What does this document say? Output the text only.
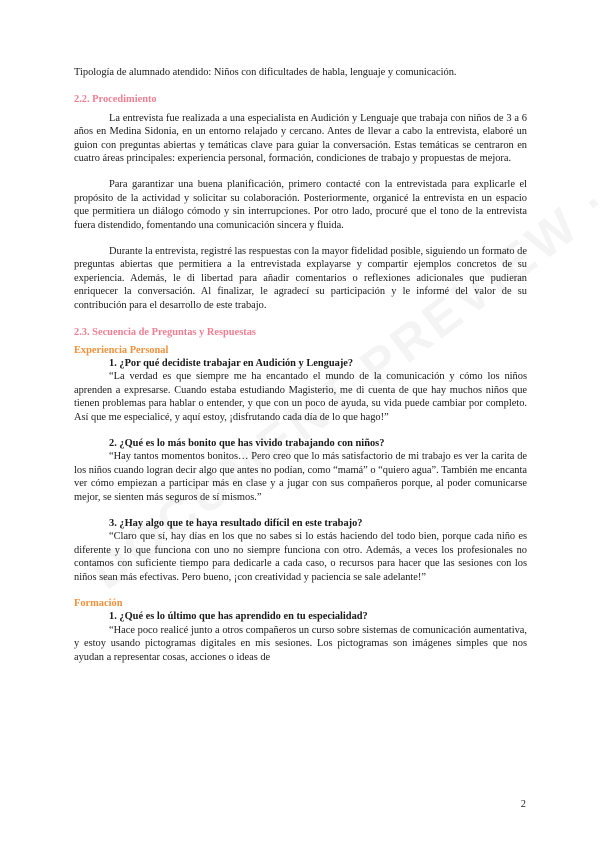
Tipología de alumnado atendido: Niños con dificultades de habla, lenguaje y comunicación.

2.2. Procedimiento

La entrevista fue realizada a una especialista en Audición y Lenguaje que trabaja con niños de 3 a 6 años en Medina Sidonia, en un entorno relajado y cercano. Antes de llevar a cabo la entrevista, elaboré un guion con preguntas abiertas y temáticas clave para guiar la conversación. Estas temáticas se centraron en cuatro áreas principales: experiencia personal, formación, condiciones de trabajo y propuestas de mejora.

Para garantizar una buena planificación, primero contacté con la entrevistada para explicarle el propósito de la actividad y solicitar su colaboración. Posteriormente, organicé la entrevista en un espacio que permitiera un diálogo cómodo y sin interrupciones. Por otro lado, procuré que el tono de la entrevista fuera distendido, fomentando una comunicación sincera y fluida.

Durante la entrevista, registré las respuestas con la mayor fidelidad posible, siguiendo un formato de preguntas abiertas que permitiera a la entrevistada explayarse y compartir ejemplos concretos de su experiencia. Además, le di libertad para añadir comentarios o reflexiones adicionales que pudieran enriquecer la conversación. Al finalizar, le agradecí su participación y le informé del valor de su contribución para el desarrollo de este trabajo.

2.3. Secuencia de Preguntas y Respuestas

Experiencia Personal

1. ¿Por qué decidiste trabajar en Audición y Lenguaje?

“La verdad es que siempre me ha encantado el mundo de la comunicación y cómo los niños aprenden a expresarse. Cuando estaba estudiando Magisterio, me di cuenta de que hay muchos niños que tienen problemas para hablar o entender, y que con un poco de ayuda, su vida puede cambiar por completo. Así que me especialicé, y aquí estoy, ¡disfrutando cada día de lo que hago!”

2. ¿Qué es lo más bonito que has vivido trabajando con niños?

“Hay tantos momentos bonitos… Pero creo que lo más satisfactorio de mi trabajo es ver la carita de los niños cuando logran decir algo que antes no podían, como “mamá” o “quiero agua”. También me encanta ver cómo empiezan a participar más en clase y a jugar con sus compañeros porque, al poder comunicarse mejor, se sienten más seguros de sí mismos.”

3. ¿Hay algo que te haya resultado difícil en este trabajo?

“Claro que sí, hay días en los que no sabes si lo estás haciendo del todo bien, porque cada niño es diferente y lo que funciona con uno no siempre funciona con otro. Además, a veces los profesionales no contamos con suficiente tiempo para dedicarle a cada caso, o recursos para hacer que las sesiones con los niños sean más efectivas. Pero bueno, ¡con creatividad y paciencia se sale adelante!”

Formación

1. ¿Qué es lo último que has aprendido en tu especialidad?

“Hace poco realicé junto a otros compañeros un curso sobre sistemas de comunicación aumentativa, y estoy usando pictogramas digitales en mis sesiones. Los pictogramas son imágenes simples que nos ayudan a representar cosas, acciones o ideas de

2
